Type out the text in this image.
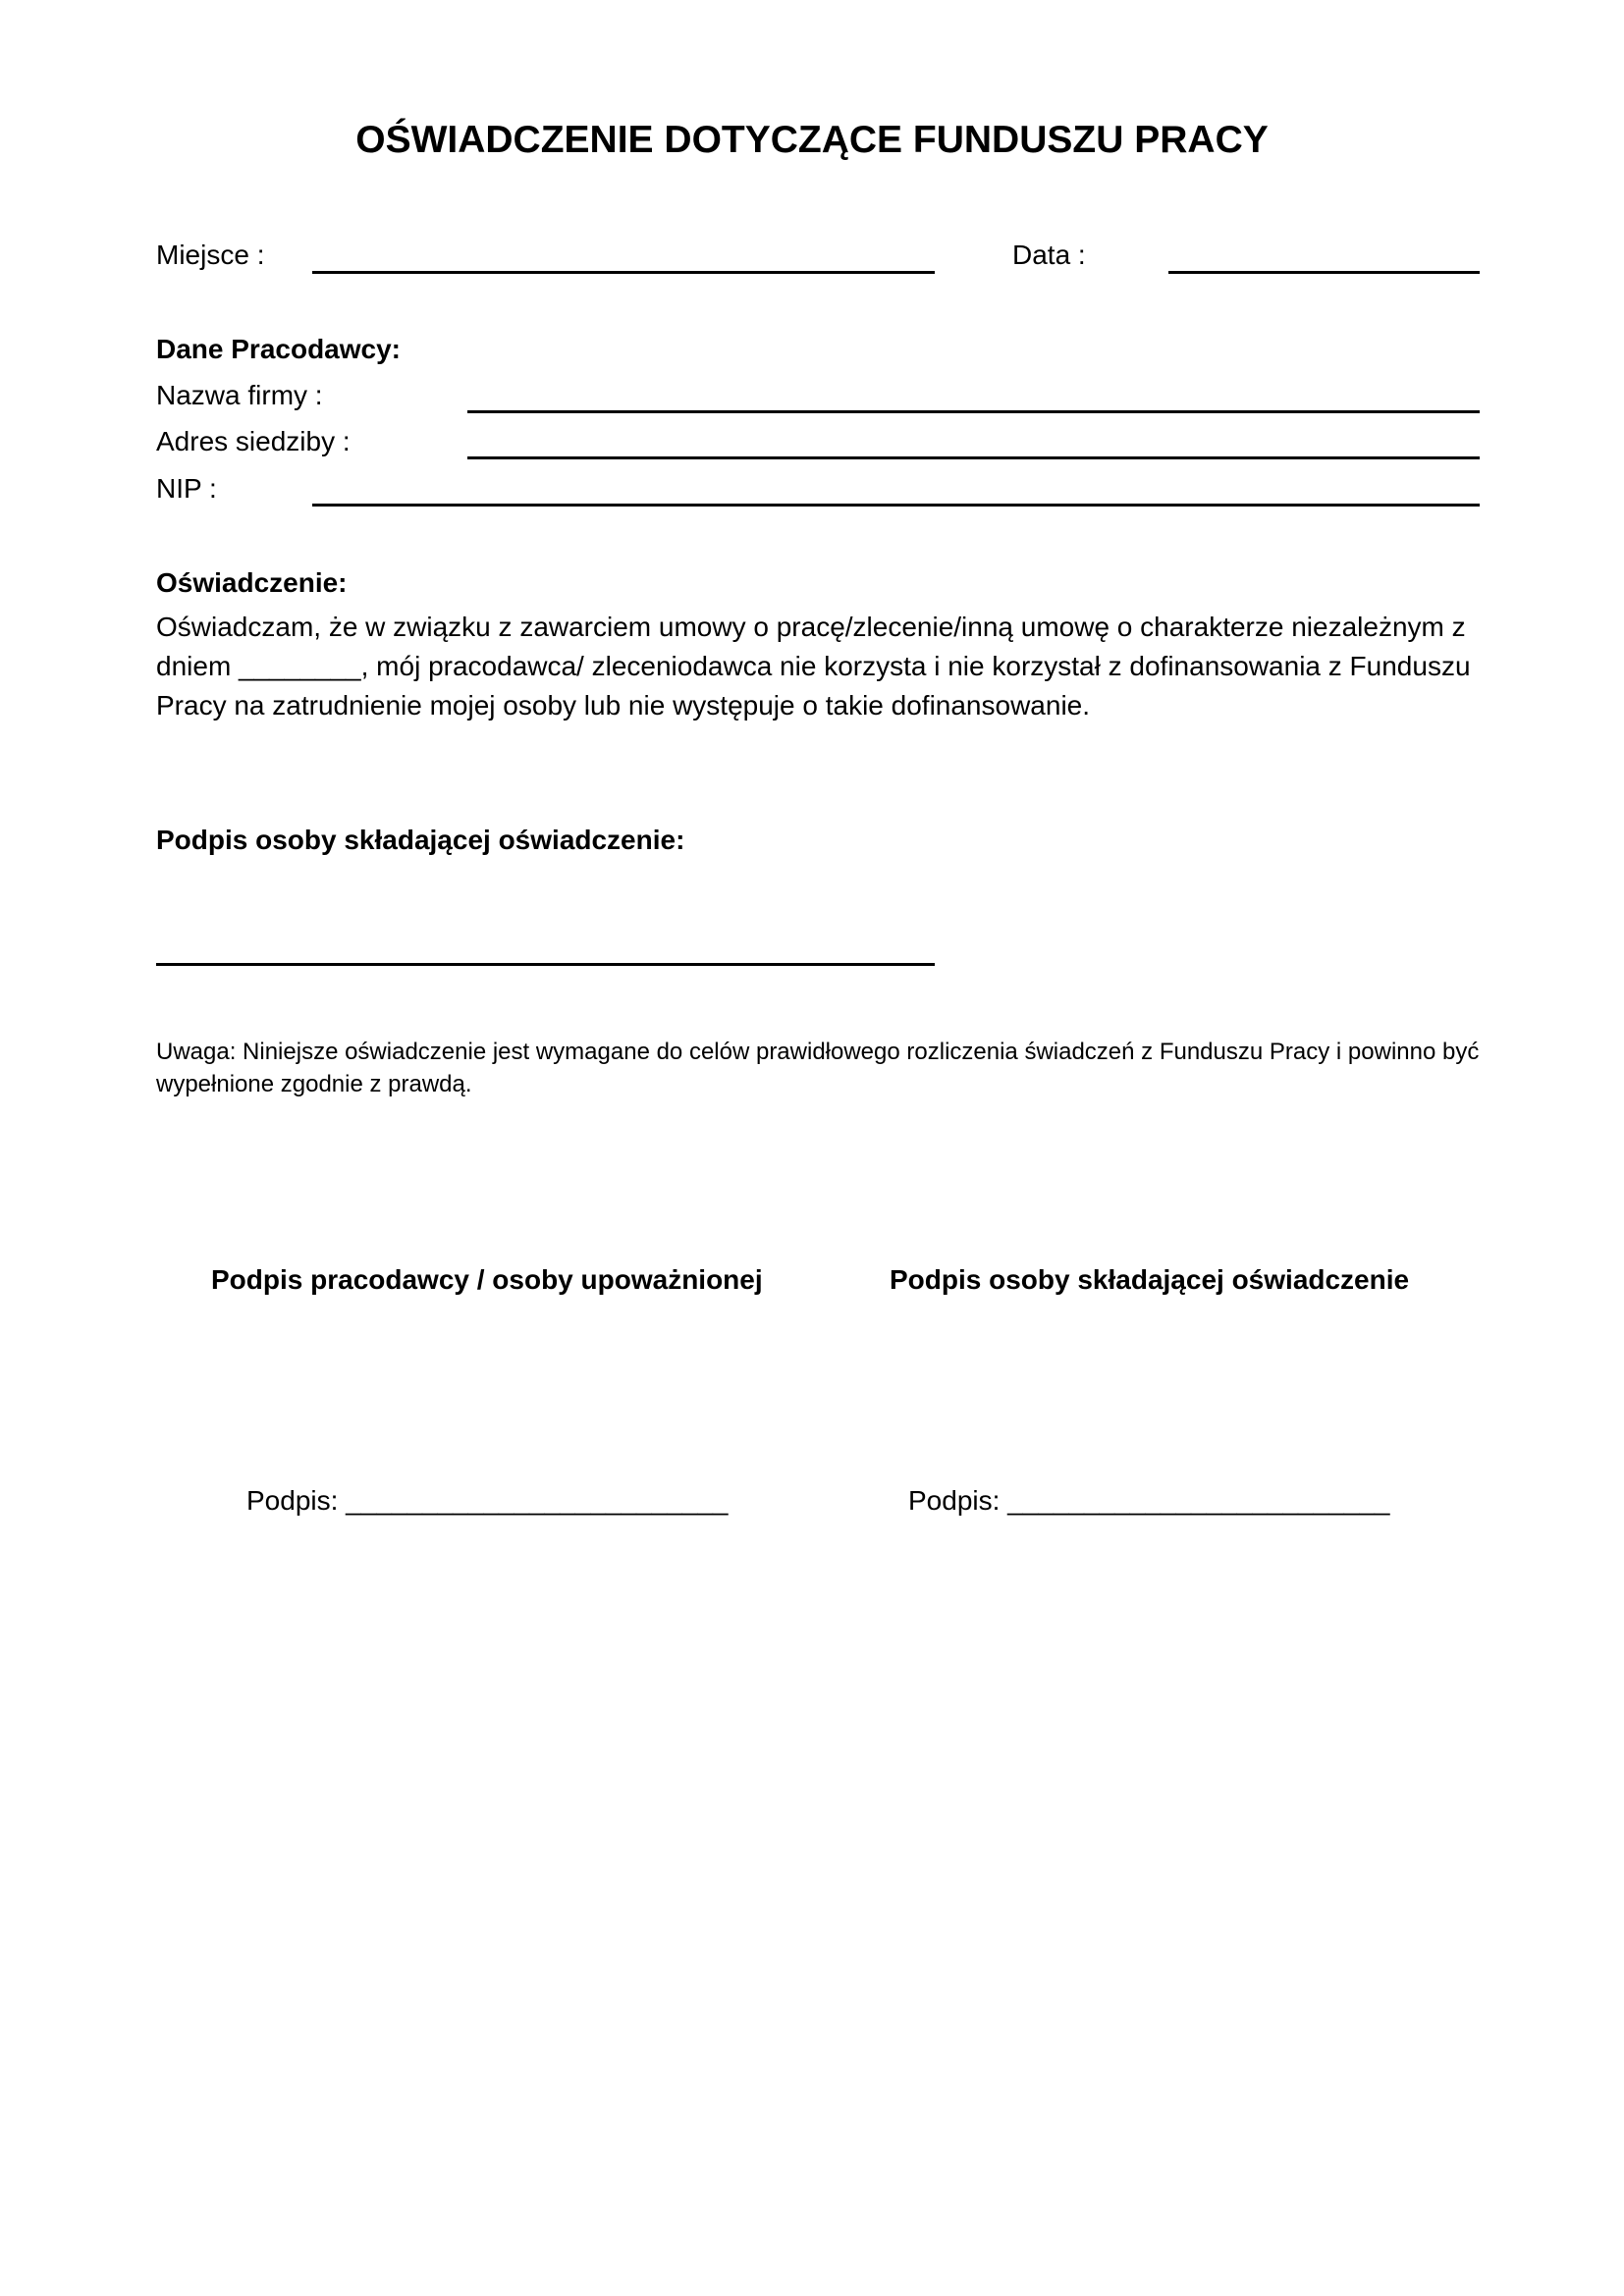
OŚWIADCZENIE DOTYCZĄCE FUNDUSZU PRACY
Miejsce :	Data :
Dane Pracodawcy:
Nazwa firmy :
Adres siedziby :
NIP :
Oświadczenie:
Oświadczam, że w związku z zawarciem umowy o pracę/zlecenie/inną umowę o charakterze niezależnym z dniem ________, mój pracodawca/ zleceniodawca nie korzysta i nie korzystał z dofinansowania z Funduszu Pracy na zatrudnienie mojej osoby lub nie występuje o takie dofinansowanie.
Podpis osoby składającej oświadczenie:
Uwaga: Niniejsze oświadczenie jest wymagane do celów prawidłowego rozliczenia świadczeń z Funduszu Pracy i powinno być wypełnione zgodnie z prawdą.
Podpis pracodawcy / osoby upoważnionej	Podpis osoby składającej oświadczenie
Podpis: _________________________	Podpis: _________________________
